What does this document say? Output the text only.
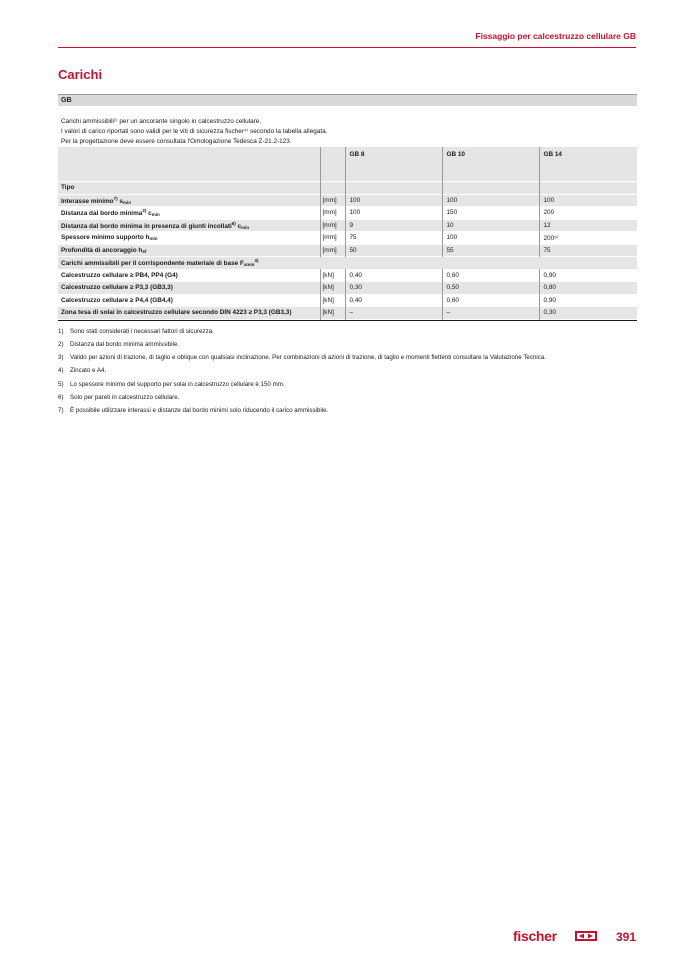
Fissaggio per calcestruzzo cellulare GB
Carichi
GB
Carichi ammissibili¹⁾ per un ancorante singolo in calcestruzzo cellulare.
I valori di carico riportati sono validi per le viti di sicurezza fischer⁴⁾ secondo la tabella allegata.
Per la progettazione deve essere consultata l'Omologazione Tedesca Z-21.2-123.
		GB 8	GB 10	GB 14
Tipo				
Interasse minimo$^{7)}$ $s_{min}$	[mm]	100	100	100
Distanza dal bordo minima$^{2)}$ $c_{min}$	[mm]	100	150	200
Distanza dal bordo minima in presenza di giunti incollati$^{6)}$ $c_{min}$	[mm]	9	10	12
Spessore minimo supporto $h_{min}$	[mm]	75	100	200⁵⁾
Profondità di ancoraggio $h_{ef}$	[mm]	50	55	75
Carichi ammissibili per il corrispondente materiale di base $F_{amm}^{3)}$
Calcestruzzo cellulare ≥ PB4, PP4 (G4)	[kN]	0,40	0,60	0,90
Calcestruzzo cellulare ≥ P3,3 (GB3,3)	[kN]	0,30	0,50	0,80
Calcestruzzo cellulare ≥ P4,4 (GB4,4)	[kN]	0,40	0,60	0,90
Zona tesa di solai in calcestruzzo cellulare secondo DIN 4223 ≥ P3,3 (GB3,3)	[kN]	–	–	0,30
1)	Sono stati considerati i necessari fattori di sicurezza.
2)	Distanza dal bordo minima ammissibile.
3)	Valido per azioni di trazione, di taglio e oblique con qualsiasi inclinazione. Per combinazioni di azioni di trazione, di taglio e momenti flettenti consultare la Valutazione Tecnica.
4)	Zincato e A4.
5)	Lo spessore minimo del supporto per solai in calcestruzzo cellulare è 150 mm.
6)	Solo per pareti in calcestruzzo cellulare.
7)	È possibile utilizzare interassi e distanze dal bordo minimi solo riducendo il carico ammissibile.
fischer	391
